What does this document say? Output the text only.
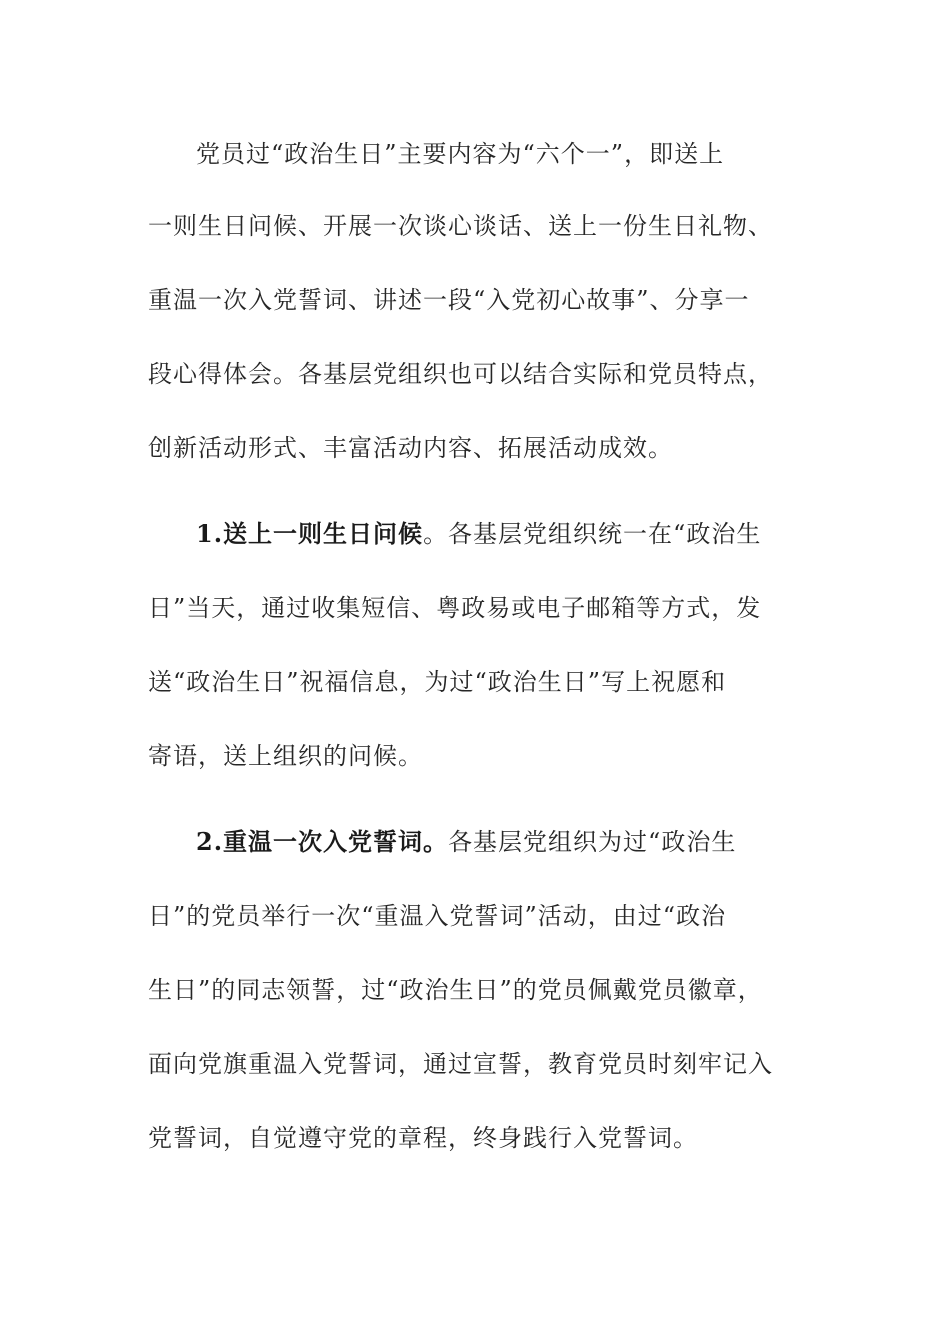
党员过“政治生日”主要内容为“六个一”，即送上
一则生日问候、开展一次谈心谈话、送上一份生日礼物、
重温一次入党誓词、讲述一段“入党初心故事”、分享一
段心得体会。各基层党组织也可以结合实际和党员特点，
创新活动形式、丰富活动内容、拓展活动成效。
1.送上一则生日问候。各基层党组织统一在“政治生
日”当天，通过收集短信、粤政易或电子邮箱等方式，发
送“政治生日”祝福信息，为过“政治生日”写上祝愿和
寄语，送上组织的问候。
2.重温一次入党誓词。各基层党组织为过“政治生
日”的党员举行一次“重温入党誓词”活动，由过“政治
生日”的同志领誓，过“政治生日”的党员佩戴党员徽章，
面向党旗重温入党誓词，通过宣誓，教育党员时刻牢记入
党誓词，自觉遵守党的章程，终身践行入党誓词。
